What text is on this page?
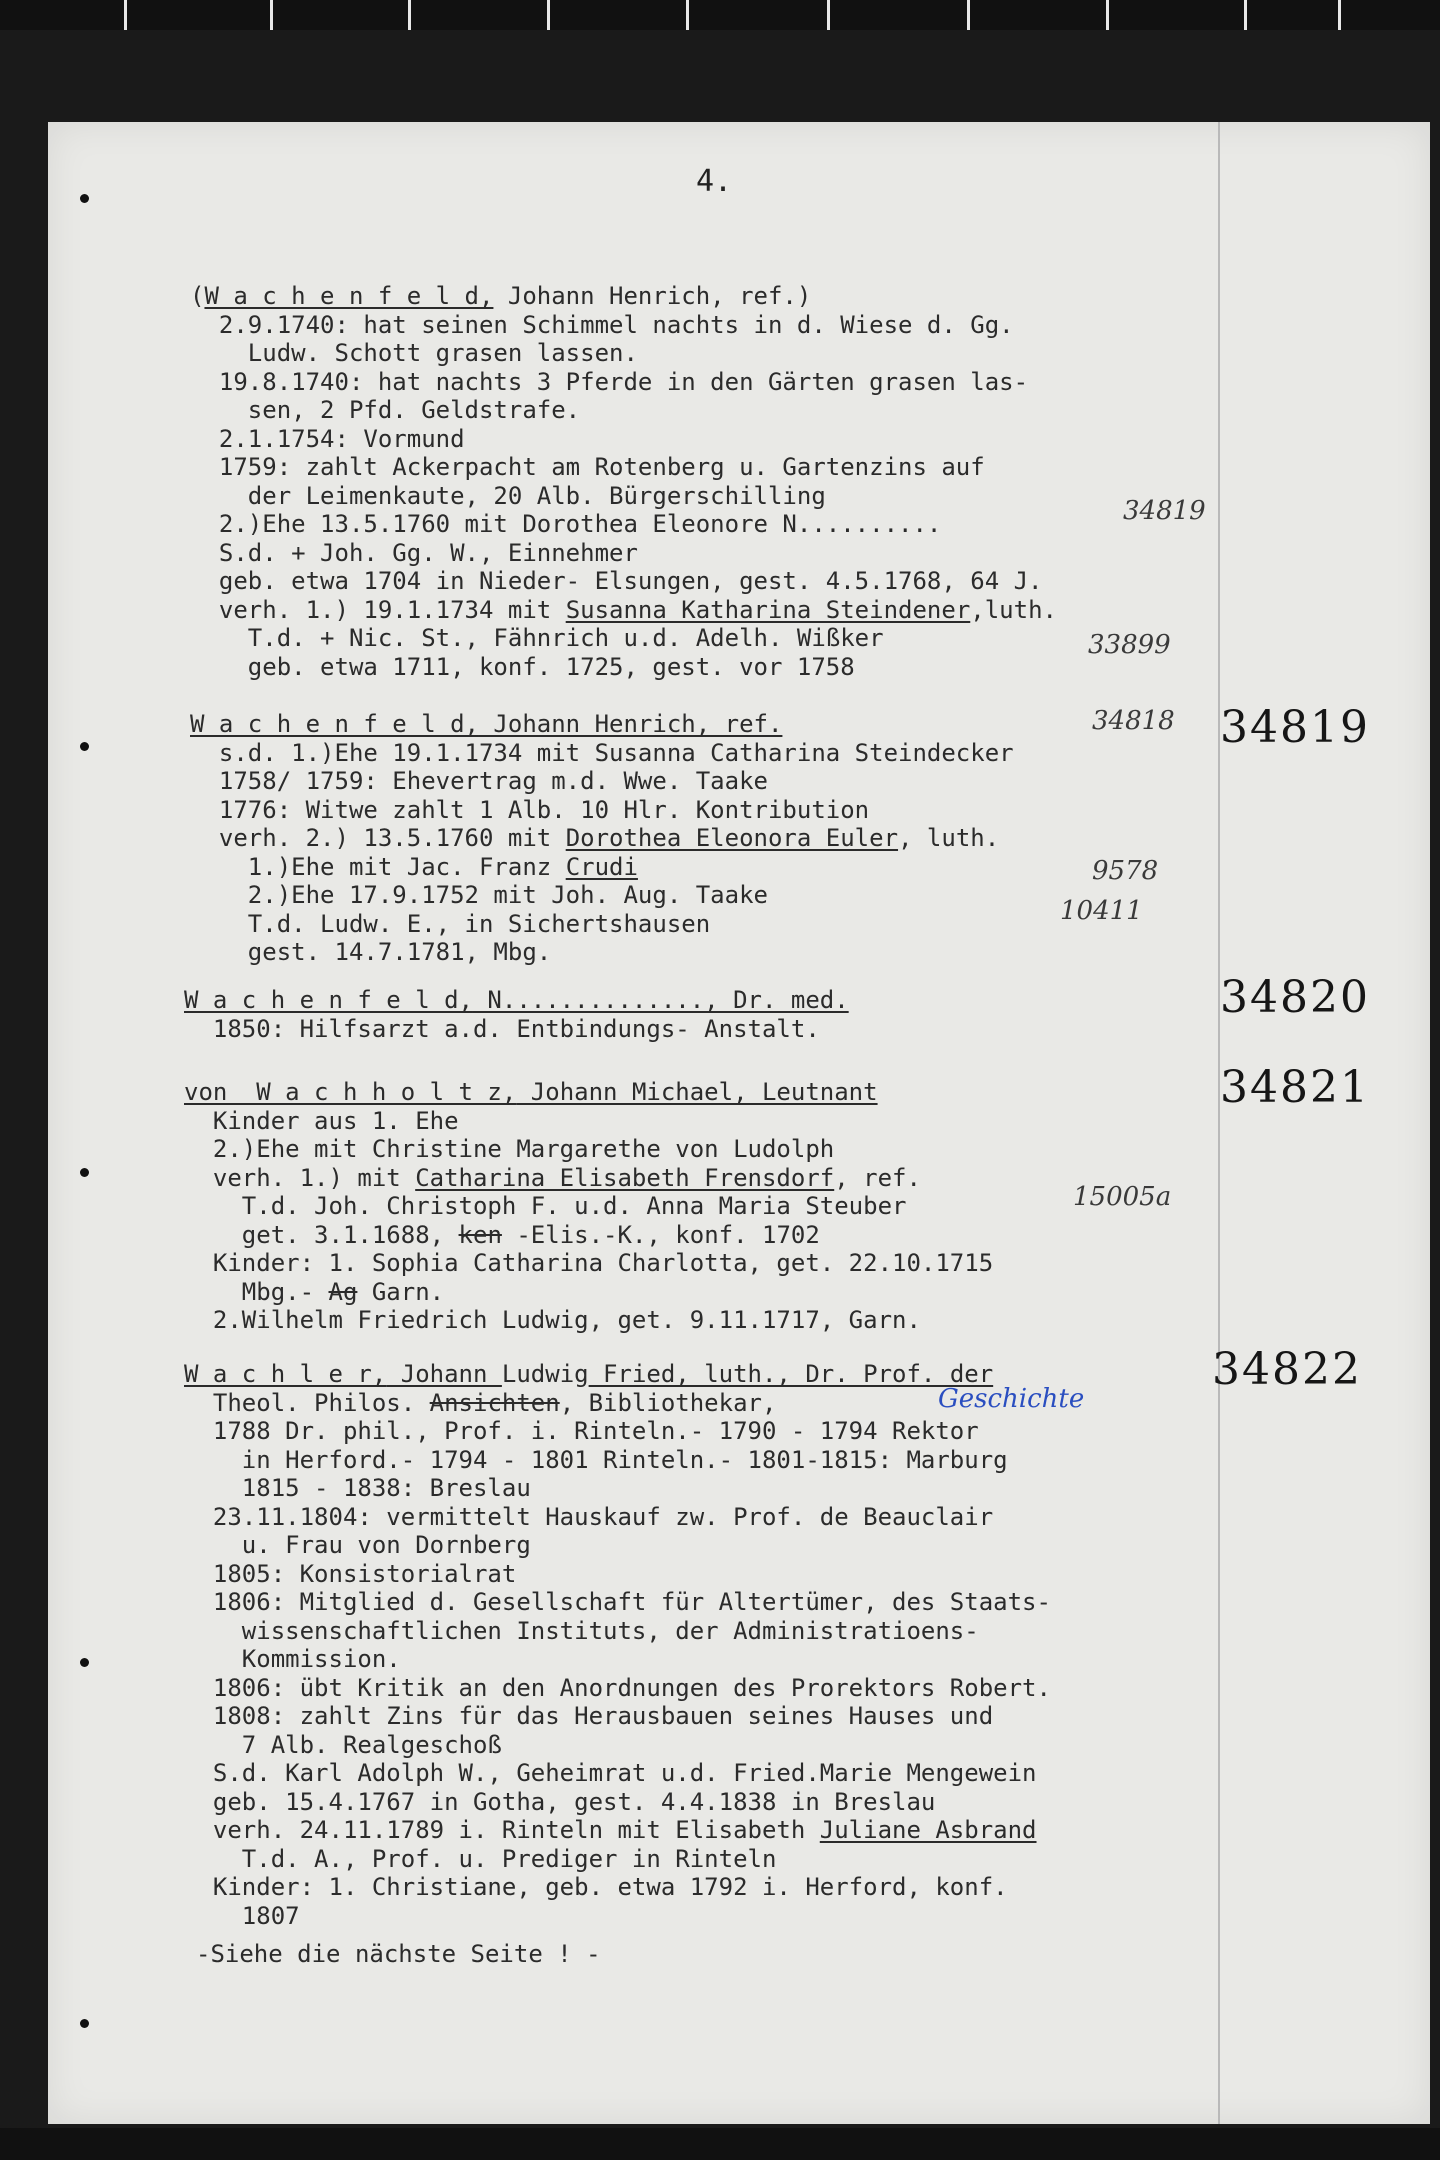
4.
(W a c h e n f e l d, Johann Henrich, ref.)
2.9.1740: hat seinen Schimmel nachts in d. Wiese d. Gg.
Ludw. Schott grasen lassen.
19.8.1740: hat nachts 3 Pferde in den Gärten grasen las-
sen, 2 Pfd. Geldstrafe.
2.1.1754: Vormund
1759: zahlt Ackerpacht am Rotenberg u. Gartenzins auf
der Leimenkaute, 20 Alb. Bürgerschilling
2.)Ehe 13.5.1760 mit Dorothea Eleonore N..........
S.d. + Joh. Gg. W., Einnehmer
geb. etwa 1704 in Nieder- Elsungen, gest. 4.5.1768, 64 J.
verh. 1.) 19.1.1734 mit Susanna Katharina Steindener,luth.
T.d. + Nic. St., Fähnrich u.d. Adelh. Wißker
geb. etwa 1711, konf. 1725, gest. vor 1758
34819
33899
34819
W a c h e n f e l d, Johann Henrich, ref.
s.d. 1.)Ehe 19.1.1734 mit Susanna Catharina Steindecker
1758/ 1759: Ehevertrag m.d. Wwe. Taake
1776: Witwe zahlt 1 Alb. 10 Hlr. Kontribution
verh. 2.) 13.5.1760 mit Dorothea Eleonora Euler, luth.
1.)Ehe mit Jac. Franz Crudi
2.)Ehe 17.9.1752 mit Joh. Aug. Taake
T.d. Ludw. E., in Sichertshausen
gest. 14.7.1781, Mbg.
34818
9578
10411
34820
W a c h e n f e l d, N.............., Dr. med.
1850: Hilfsarzt a.d. Entbindungs- Anstalt.
34821
von  W a c h h o l t z, Johann Michael, Leutnant
Kinder aus 1. Ehe
2.)Ehe mit Christine Margarethe von Ludolph
verh. 1.) mit Catharina Elisabeth Frensdorf, ref.
T.d. Joh. Christoph F. u.d. Anna Maria Steuber
get. 3.1.1688, ken -Elis.-K., konf. 1702
Kinder: 1. Sophia Catharina Charlotta, get. 22.10.1715
Mbg.- Ag Garn.
2.Wilhelm Friedrich Ludwig, get. 9.11.1717, Garn.
15005a
34822
W a c h l e r, Johann Ludwig Fried, luth., Dr. Prof. der
Theol. Philos. Ansichten, Bibliothekar,
1788 Dr. phil., Prof. i. Rinteln.- 1790 - 1794 Rektor
in Herford.- 1794 - 1801 Rinteln.- 1801-1815: Marburg
1815 - 1838: Breslau
23.11.1804: vermittelt Hauskauf zw. Prof. de Beauclair
u. Frau von Dornberg
1805: Konsistorialrat
1806: Mitglied d. Gesellschaft für Altertümer, des Staats-
wissenschaftlichen Instituts, der Administratioens-
Kommission.
1806: übt Kritik an den Anordnungen des Prorektors Robert.
1808: zahlt Zins für das Herausbauen seines Hauses und
7 Alb. Realgeschoß
S.d. Karl Adolph W., Geheimrat u.d. Fried.Marie Mengewein
geb. 15.4.1767 in Gotha, gest. 4.4.1838 in Breslau
verh. 24.11.1789 i. Rinteln mit Elisabeth Juliane Asbrand
T.d. A., Prof. u. Prediger in Rinteln
Kinder: 1. Christiane, geb. etwa 1792 i. Herford, konf.
1807
Geschichte
-Siehe die nächste Seite ! -
